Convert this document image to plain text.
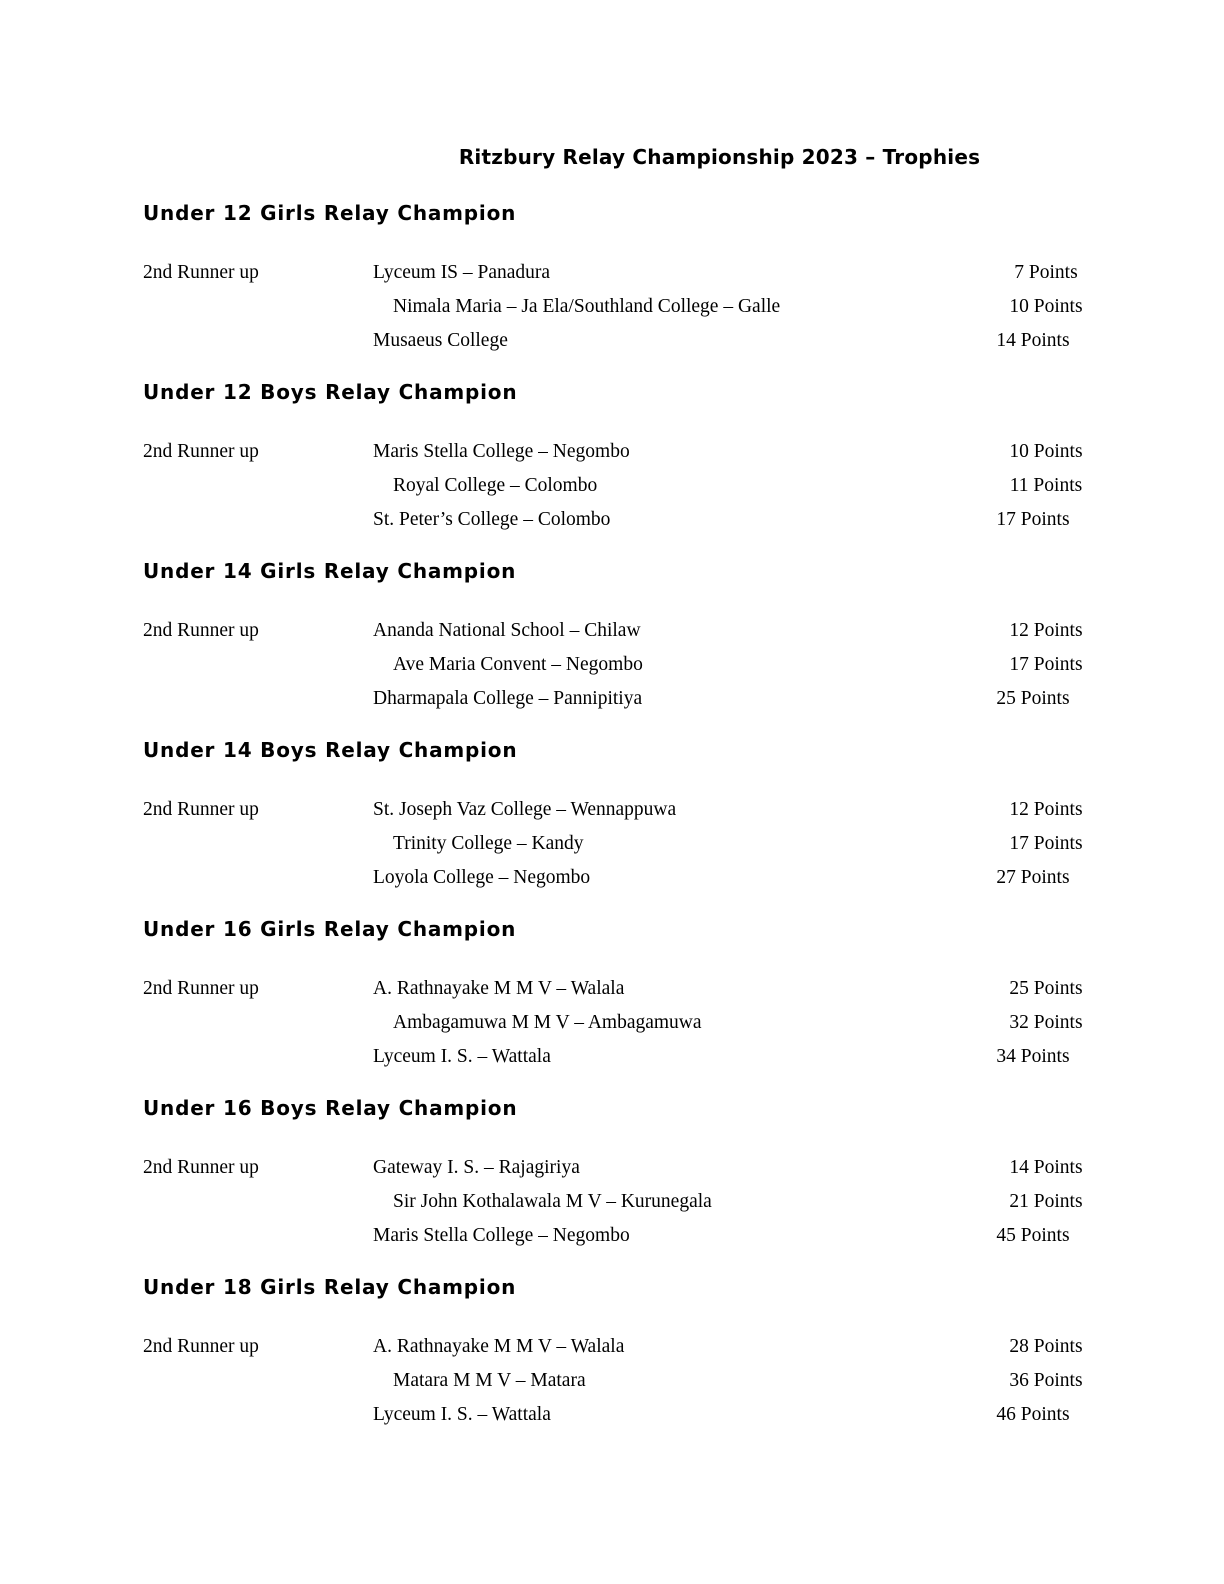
Ritzbury Relay Championship 2023 – Trophies
Under 12 Girls Relay Champion
2nd Runner up	Lyceum IS – Panadura	7 Points
Nimala Maria – Ja Ela/Southland College – Galle	10 Points
Musaeus College	14 Points
Under 12 Boys Relay Champion
2nd Runner up	Maris Stella College – Negombo	10 Points
Royal College – Colombo	11 Points
St. Peter’s College – Colombo	17 Points
Under 14 Girls Relay Champion
2nd Runner up	Ananda National School – Chilaw	12 Points
Ave Maria Convent – Negombo	17 Points
Dharmapala College – Pannipitiya	25 Points
Under 14 Boys Relay Champion
2nd Runner up	St. Joseph Vaz College – Wennappuwa	12 Points
Trinity College – Kandy	17 Points
Loyola College – Negombo	27 Points
Under 16 Girls Relay Champion
2nd Runner up	A. Rathnayake M M V – Walala	25 Points
Ambagamuwa M M V – Ambagamuwa	32 Points
Lyceum I. S. – Wattala	34 Points
Under 16 Boys Relay Champion
2nd Runner up	Gateway I. S. – Rajagiriya	14 Points
Sir John Kothalawala M V – Kurunegala	21 Points
Maris Stella College – Negombo	45 Points
Under 18 Girls Relay Champion
2nd Runner up	A. Rathnayake M M V – Walala	28 Points
Matara M M V – Matara	36 Points
Lyceum I. S. – Wattala	46 Points
